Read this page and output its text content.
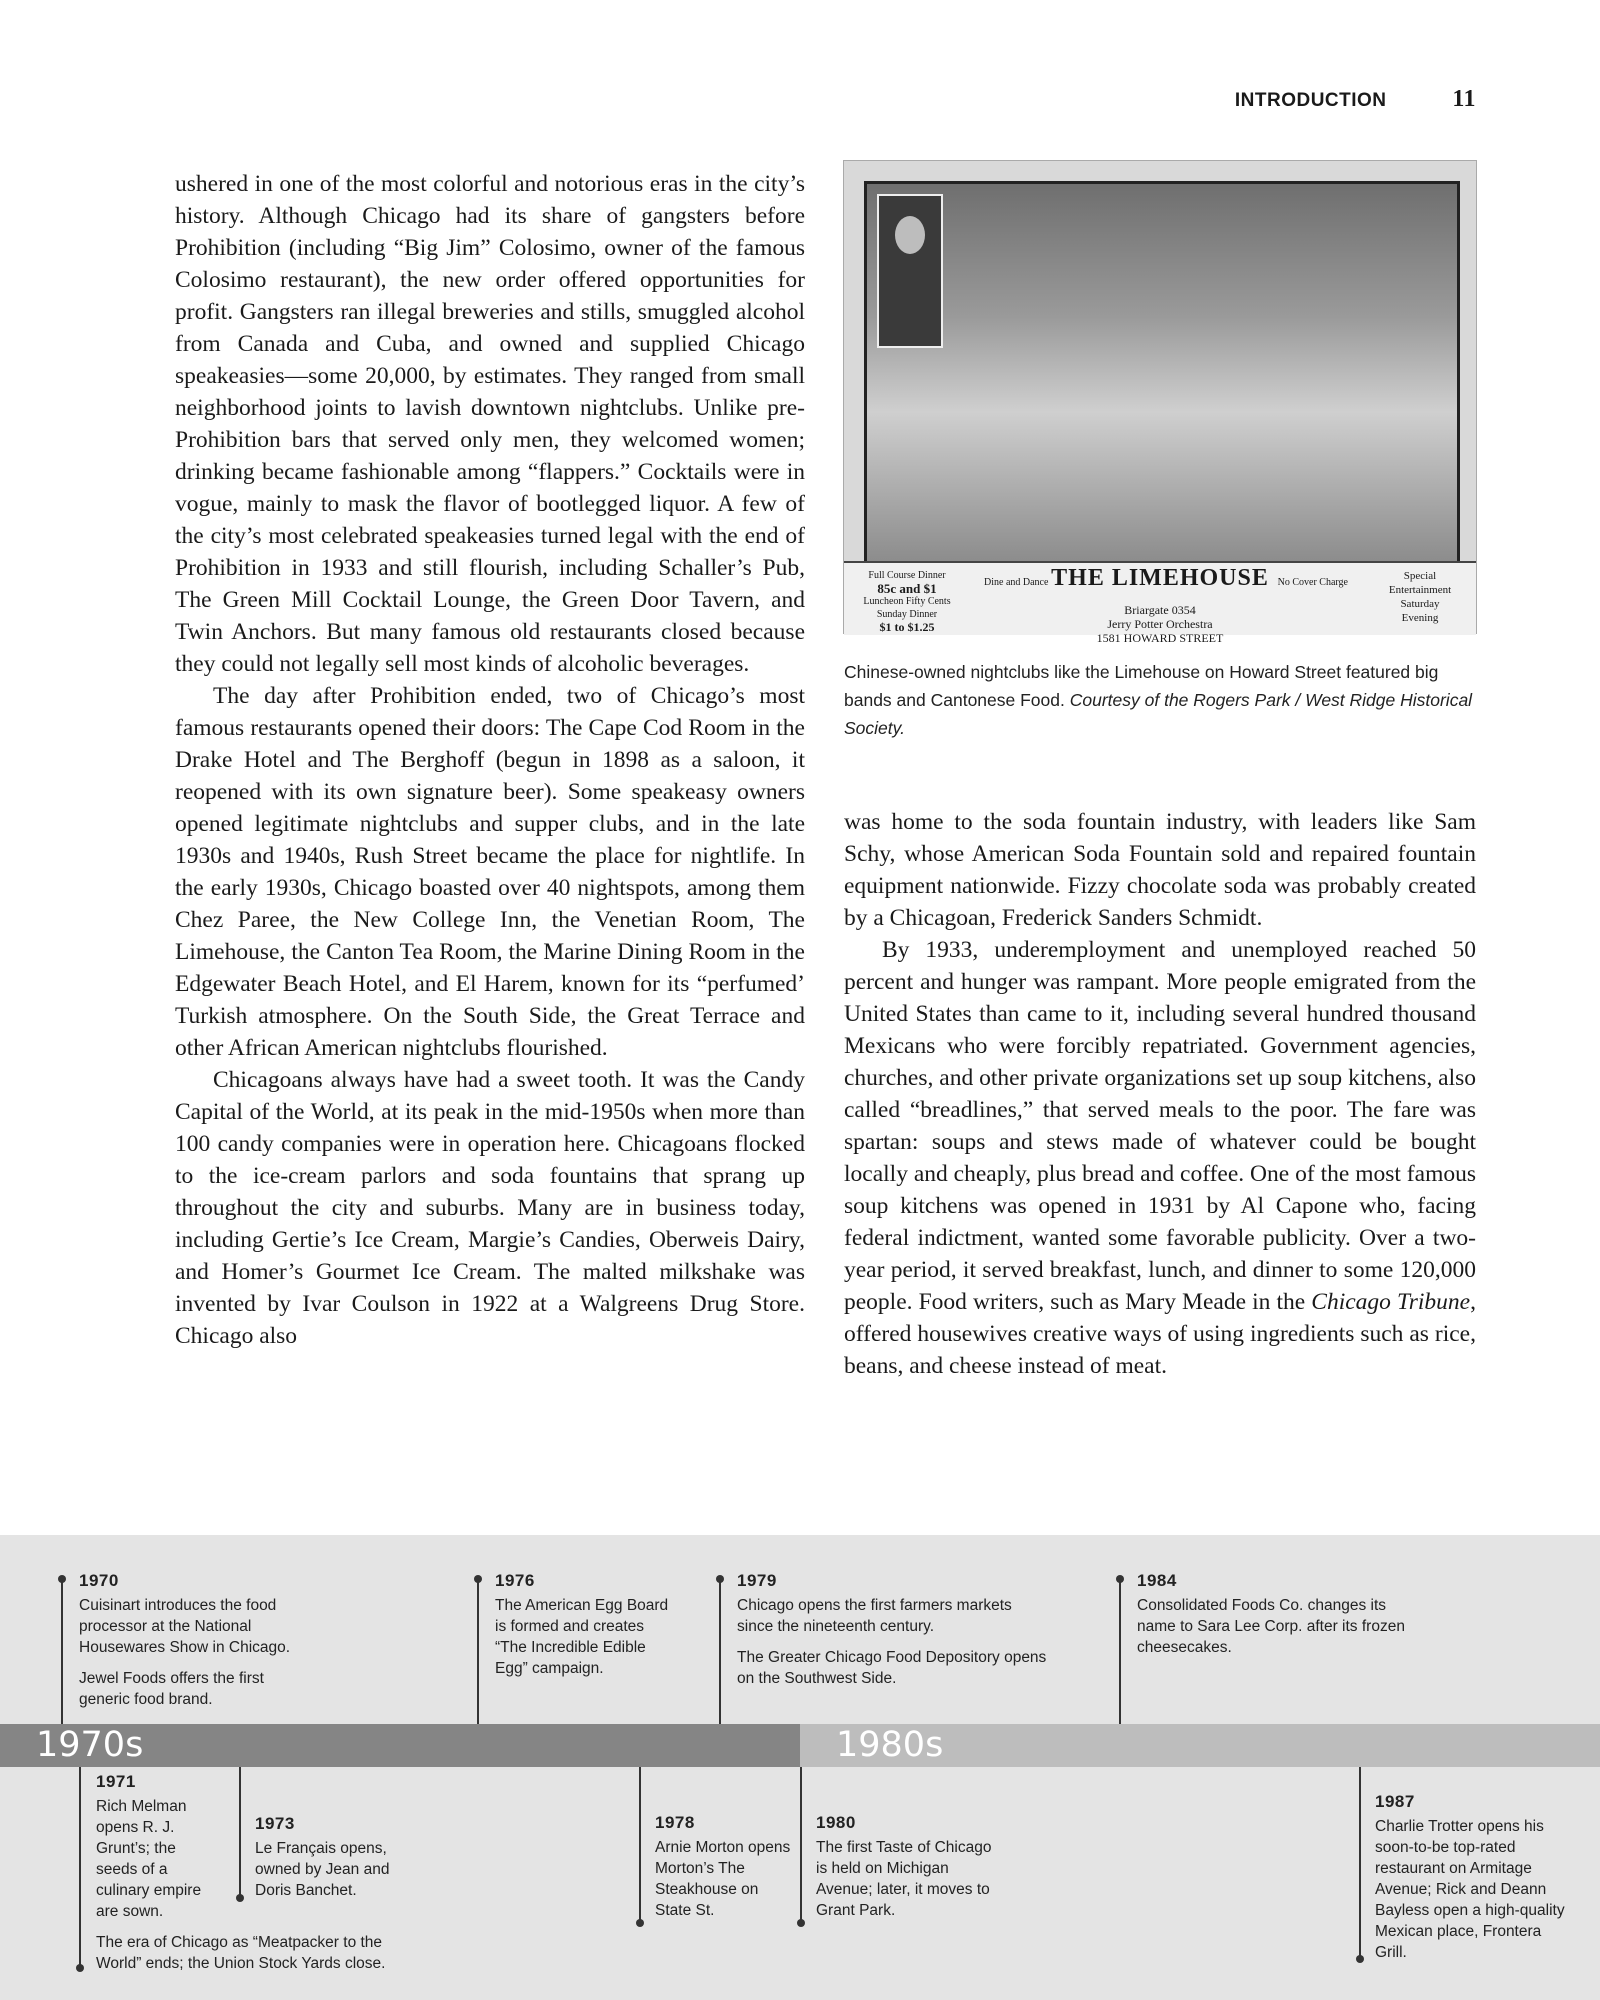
INTRODUCTION	11

ushered in one of the most colorful and notorious eras in the city’s history. Although Chicago had its share of gangsters before Prohibition (including “Big Jim” Colosimo, owner of the famous Colosimo restaurant), the new order offered opportunities for profit. Gangsters ran illegal breweries and stills, smuggled alcohol from Canada and Cuba, and owned and supplied Chicago speakeasies—some 20,000, by estimates. They ranged from small neighborhood joints to lavish downtown nightclubs. Unlike pre-Prohibition bars that served only men, they welcomed women; drinking became fashionable among “flappers.” Cocktails were in vogue, mainly to mask the flavor of bootlegged liquor. A few of the city’s most celebrated speakeasies turned legal with the end of Prohibition in 1933 and still flourish, including Schaller’s Pub, The Green Mill Cocktail Lounge, the Green Door Tavern, and Twin Anchors. But many famous old restaurants closed because they could not legally sell most kinds of alcoholic beverages.

The day after Prohibition ended, two of Chicago’s most famous restaurants opened their doors: The Cape Cod Room in the Drake Hotel and The Berghoff (begun in 1898 as a saloon, it reopened with its own signature beer). Some speakeasy owners opened legitimate nightclubs and supper clubs, and in the late 1930s and 1940s, Rush Street became the place for nightlife. In the early 1930s, Chicago boasted over 40 nightspots, among them Chez Paree, the New College Inn, the Venetian Room, The Limehouse, the Canton Tea Room, the Marine Dining Room in the Edgewater Beach Hotel, and El Harem, known for its “perfumed’ Turkish atmosphere. On the South Side, the Great Terrace and other African American nightclubs flourished.

Chicagoans always have had a sweet tooth. It was the Candy Capital of the World, at its peak in the mid-1950s when more than 100 candy companies were in operation here. Chicagoans flocked to the ice-cream parlors and soda fountains that sprang up throughout the city and suburbs. Many are in business today, including Gertie’s Ice Cream, Margie’s Candies, Oberweis Dairy, and Homer’s Gourmet Ice Cream. The malted milkshake was invented by Ivar Coulson in 1922 at a Walgreens Drug Store. Chicago also

Full Course Dinner
85c and $1
Luncheon Fifty Cents
Sunday Dinner
$1 to $1.25
Dine and Dance THE LIMEHOUSE No Cover Charge
Briargate 0354
Jerry Potter Orchestra
1581 HOWARD STREET
Special
Entertainment
Saturday
Evening
Chinese-owned nightclubs like the Limehouse on Howard Street featured big bands and Cantonese Food. Courtesy of the Rogers Park / West Ridge Historical Society.

was home to the soda fountain industry, with leaders like Sam Schy, whose American Soda Fountain sold and repaired fountain equipment nationwide. Fizzy chocolate soda was probably created by a Chicagoan, Frederick Sanders Schmidt.

By 1933, underemployment and unemployed reached 50 percent and hunger was rampant. More people emigrated from the United States than came to it, including several hundred thousand Mexicans who were forcibly repatriated. Government agencies, churches, and other private organizations set up soup kitchens, also called “breadlines,” that served meals to the poor. The fare was spartan: soups and stews made of whatever could be bought locally and cheaply, plus bread and coffee. One of the most famous soup kitchens was opened in 1931 by Al Capone who, facing federal indictment, wanted some favorable publicity. Over a two-year period, it served breakfast, lunch, and dinner to some 120,000 people. Food writers, such as Mary Meade in the Chicago Tribune, offered housewives creative ways of using ingredients such as rice, beans, and cheese instead of meat.

1970s	1980s
1970

Cuisinart introduces the food processor at the National Housewares Show in Chicago.

Jewel Foods offers the first generic food brand.

1976

The American Egg Board is formed and creates “The Incredible Edible Egg” campaign.

1979

Chicago opens the first farmers markets since the nineteenth century.

The Greater Chicago Food Depository opens on the Southwest Side.

1984

Consolidated Foods Co. changes its name to Sara Lee Corp. after its frozen cheesecakes.

1971

Rich Melman opens R. J. Grunt’s; the seeds of a culinary empire are sown.

The era of Chicago as “Meatpacker to the World” ends; the Union Stock Yards close.

1973

Le Français opens, owned by Jean and Doris Banchet.

1978

Arnie Morton opens Morton’s The Steakhouse on State St.

1980

The first Taste of Chicago is held on Michigan Avenue; later, it moves to Grant Park.

1987

Charlie Trotter opens his soon-to-be top-rated restaurant on Armitage Avenue; Rick and Deann Bayless open a high-quality Mexican place, Frontera Grill.
